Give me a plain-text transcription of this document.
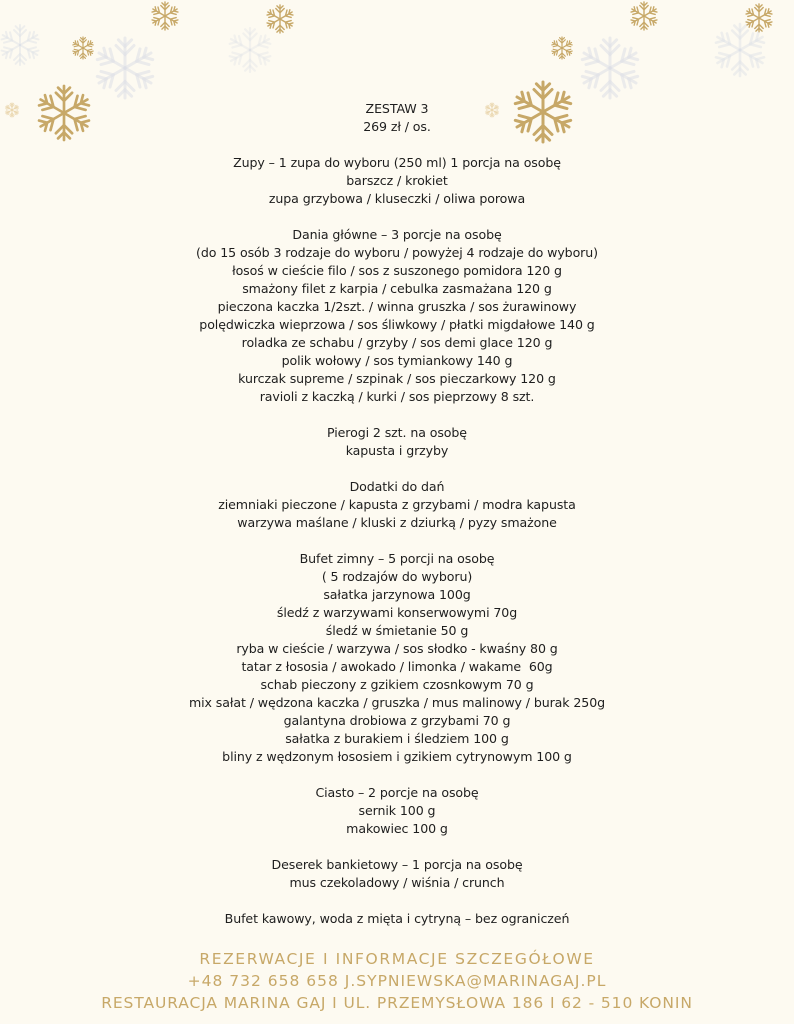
ZESTAW 3
269 zł / os.
Zupy – 1 zupa do wyboru (250 ml) 1 porcja na osobę
barszcz / krokiet
zupa grzybowa / kluseczki / oliwa porowa
Dania główne – 3 porcje na osobę
(do 15 osób 3 rodzaje do wyboru / powyżej 4 rodzaje do wyboru)
łosoś w cieście filo / sos z suszonego pomidora 120 g
smażony filet z karpia / cebulka zasmażana 120 g
pieczona kaczka 1/2szt. / winna gruszka / sos żurawinowy
polędwiczka wieprzowa / sos śliwkowy / płatki migdałowe 140 g
roladka ze schabu / grzyby / sos demi glace 120 g
polik wołowy / sos tymiankowy 140 g
kurczak supreme / szpinak / sos pieczarkowy 120 g
ravioli z kaczką / kurki / sos pieprzowy 8 szt.
Pierogi 2 szt. na osobę
kapusta i grzyby
Dodatki do dań
ziemniaki pieczone / kapusta z grzybami / modra kapusta
warzywa maślane / kluski z dziurką / pyzy smażone
Bufet zimny – 5 porcji na osobę
( 5 rodzajów do wyboru)
sałatka jarzynowa 100g
śledź z warzywami konserwowymi 70g
śledź w śmietanie 50 g
ryba w cieście / warzywa / sos słodko - kwaśny 80 g
tatar z łososia / awokado / limonka / wakame  60g
schab pieczony z gzikiem czosnkowym 70 g
mix sałat / wędzona kaczka / gruszka / mus malinowy / burak 250g
galantyna drobiowa z grzybami 70 g
sałatka z burakiem i śledziem 100 g
bliny z wędzonym łososiem i gzikiem cytrynowym 100 g
Ciasto – 2 porcje na osobę
sernik 100 g
makowiec 100 g
Deserek bankietowy – 1 porcja na osobę
mus czekoladowy / wiśnia / crunch
Bufet kawowy, woda z mięta i cytryną – bez ograniczeń
REZERWACJE I INFORMACJE SZCZEGÓŁOWE
+48 732 658 658 J.SYPNIEWSKA@MARINAGAJ.PL
RESTAURACJA MARINA GAJ I UL. PRZEMYSŁOWA 186 I 62 - 510 KONIN
